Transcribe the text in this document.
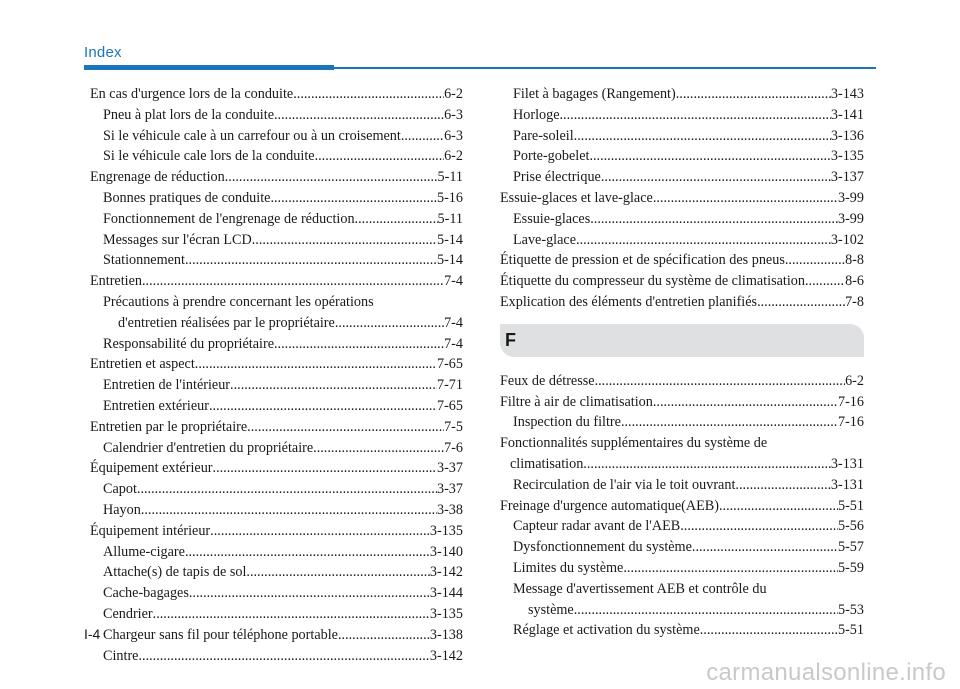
Index
En cas d'urgence lors de la conduite .....	6-2
Pneu à plat lors de la conduite .....	6-3
Si le véhicule cale à un carrefour ou à un croisement .....	6-3
Si le véhicule cale lors de la conduite .....	6-2
Engrenage de réduction .....	5-11
Bonnes pratiques de conduite .....	5-16
Fonctionnement de l'engrenage de réduction .....	5-11
Messages sur l'écran LCD .....	5-14
Stationnement .....	5-14
Entretien .....	7-4
Précautions à prendre concernant les opérations
d'entretien réalisées par le propriétaire .....	7-4
Responsabilité du propriétaire .....	7-4
Entretien et aspect .....	7-65
Entretien de l'intérieur .....	7-71
Entretien extérieur .....	7-65
Entretien par le propriétaire .....	7-5
Calendrier d'entretien du propriétaire .....	7-6
Équipement extérieur .....	3-37
Capot .....	3-37
Hayon .....	3-38
Équipement intérieur .....	3-135
Allume-cigare .....	3-140
Attache(s) de tapis de sol .....	3-142
Cache-bagages .....	3-144
Cendrier .....	3-135
Chargeur sans fil pour téléphone portable .....	3-138
Cintre .....	3-142
Filet à bagages (Rangement) .....	3-143
Horloge .....	3-141
Pare-soleil .....	3-136
Porte-gobelet .....	3-135
Prise électrique .....	3-137
Essuie-glaces et lave-glace .....	3-99
Essuie-glaces .....	3-99
Lave-glace .....	3-102
Étiquette de pression et de spécification des pneus .....	8-8
Étiquette du compresseur du système de climatisation .....	8-6
Explication des éléments d'entretien planifiés .....	7-8
F
Feux de détresse .....	6-2
Filtre à air de climatisation .....	7-16
Inspection du filtre .....	7-16
Fonctionnalités supplémentaires du système de
climatisation .....	3-131
Recirculation de l'air via le toit ouvrant .....	3-131
Freinage d'urgence automatique(AEB) .....	5-51
Capteur radar avant de l'AEB .....	5-56
Dysfonctionnement du système .....	5-57
Limites du système .....	5-59
Message d'avertissement AEB et contrôle du
système .....	5-53
Réglage et activation du système .....	5-51
I-4
carmanualsonline.info
